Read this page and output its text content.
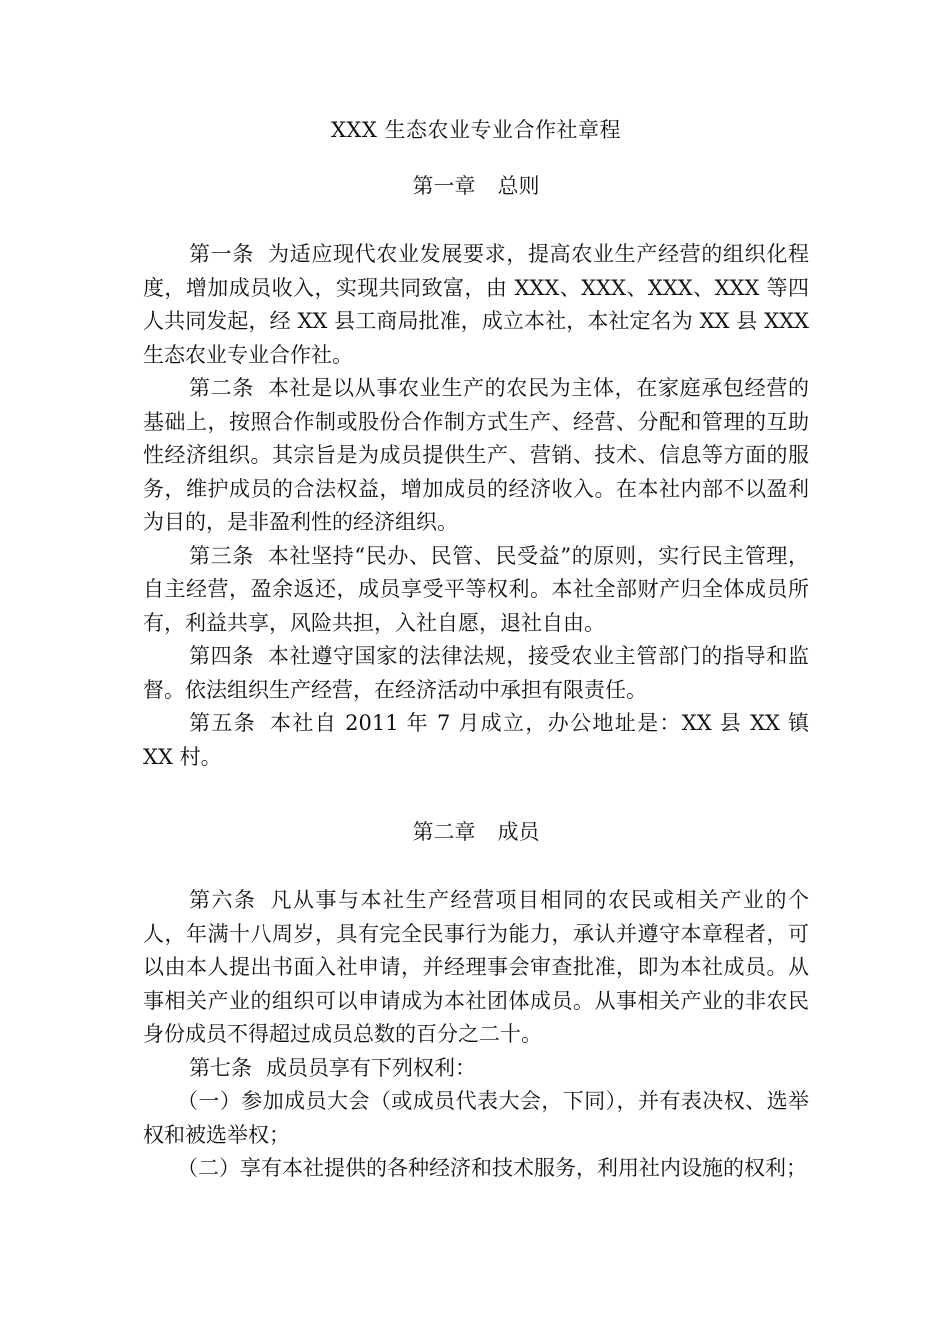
XXX 生态农业专业合作社章程
第一章 总则

第一条 为适应现代农业发展要求，提高农业生产经营的组织化程度，增加成员收入，实现共同致富，由 XXX、XXX、XXX、XXX 等四人共同发起，经 XX 县工商局批准，成立本社，本社定名为 XX 县 XXX 生态农业专业合作社。

第二条 本社是以从事农业生产的农民为主体，在家庭承包经营的基础上，按照合作制或股份合作制方式生产、经营、分配和管理的互助性经济组织。其宗旨是为成员提供生产、营销、技术、信息等方面的服务，维护成员的合法权益，增加成员的经济收入。在本社内部不以盈利为目的，是非盈利性的经济组织。

第三条 本社坚持“民办、民管、民受益”的原则，实行民主管理，自主经营，盈余返还，成员享受平等权利。本社全部财产归全体成员所有，利益共享，风险共担，入社自愿，退社自由。

第四条 本社遵守国家的法律法规，接受农业主管部门的指导和监督。依法组织生产经营，在经济活动中承担有限责任。

第五条 本社自 2011 年 7 月成立，办公地址是：XX 县 XX 镇 XX 村。

第二章 成员

第六条 凡从事与本社生产经营项目相同的农民或相关产业的个人，年满十八周岁，具有完全民事行为能力，承认并遵守本章程者，可以由本人提出书面入社申请，并经理事会审查批准，即为本社成员。从事相关产业的组织可以申请成为本社团体成员。从事相关产业的非农民身份成员不得超过成员总数的百分之二十。

第七条 成员员享有下列权利：

（一）参加成员大会（或成员代表大会，下同），并有表决权、选举权和被选举权；

（二）享有本社提供的各种经济和技术服务，利用社内设施的权利；
